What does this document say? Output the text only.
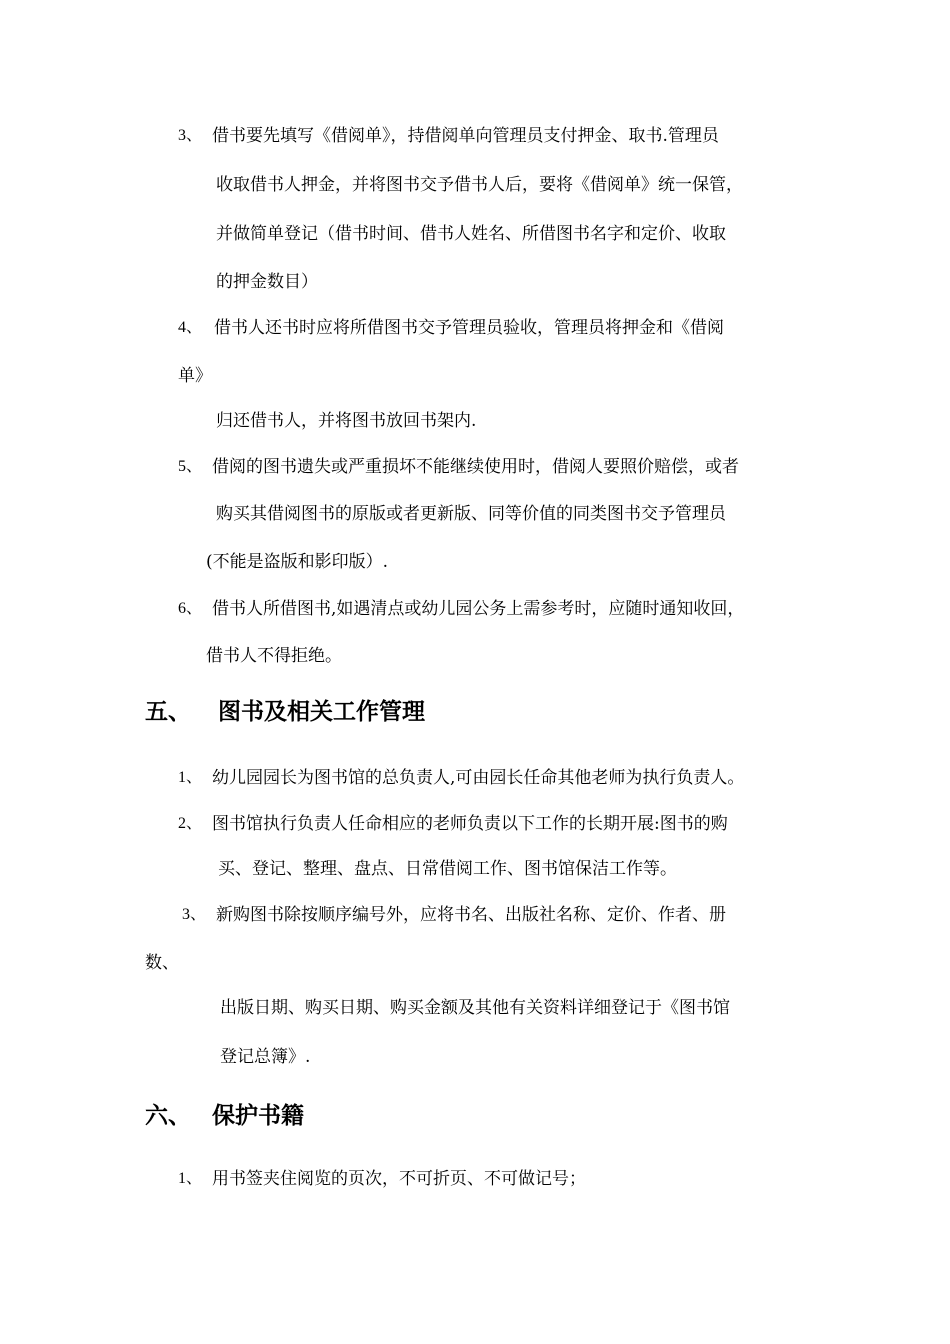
3、 借书要先填写《借阅单》，持借阅单向管理员支付押金、取书.管理员
收取借书人押金，并将图书交予借书人后，要将《借阅单》统一保管，
并做简单登记（借书时间、借书人姓名、所借图书名字和定价、收取
的押金数目）
4、 借书人还书时应将所借图书交予管理员验收，管理员将押金和《借阅
单》
归还借书人，并将图书放回书架内.
5、 借阅的图书遗失或严重损坏不能继续使用时，借阅人要照价赔偿，或者
购买其借阅图书的原版或者更新版、同等价值的同类图书交予管理员
(不能是盗版和影印版）.
6、 借书人所借图书,如遇清点或幼儿园公务上需参考时，应随时通知收回，
借书人不得拒绝。
五、 图书及相关工作管理
1、 幼儿园园长为图书馆的总负责人,可由园长任命其他老师为执行负责人。
2、 图书馆执行负责人任命相应的老师负责以下工作的长期开展:图书的购
买、登记、整理、盘点、日常借阅工作、图书馆保洁工作等。
3、 新购图书除按顺序编号外，应将书名、出版社名称、定价、作者、册
数、
出版日期、购买日期、购买金额及其他有关资料详细登记于《图书馆
登记总簿》.
六、 保护书籍
1、 用书签夹住阅览的页次，不可折页、不可做记号；
